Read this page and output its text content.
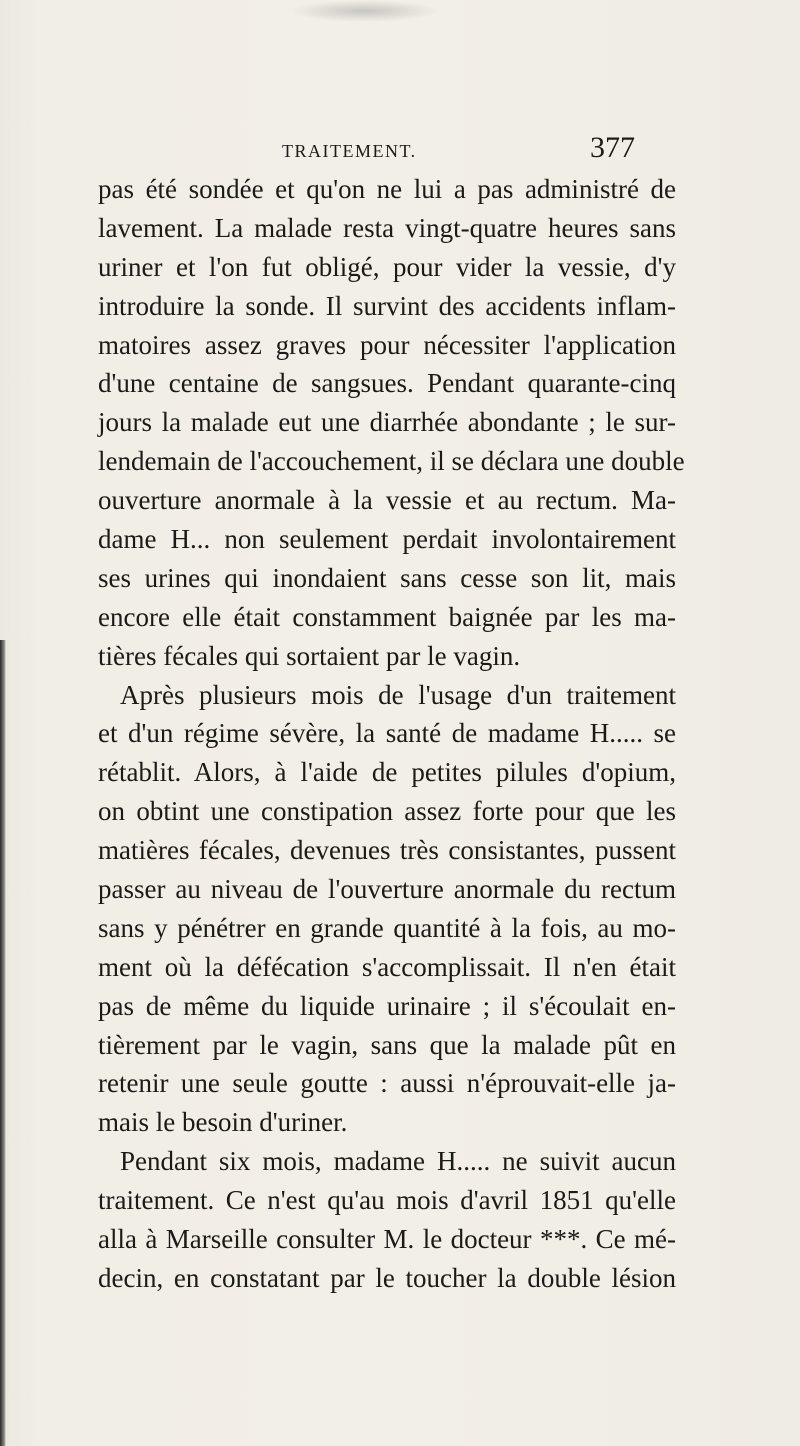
TRAITEMENT.	377
pas été sondée et qu'on ne lui a pas administré de
lavement. La malade resta vingt-quatre heures sans
uriner et l'on fut obligé, pour vider la vessie, d'y
introduire la sonde. Il survint des accidents inflam-
matoires assez graves pour nécessiter l'application
d'une centaine de sangsues. Pendant quarante-cinq
jours la malade eut une diarrhée abondante ; le sur-
lendemain de l'accouchement, il se déclara une double
ouverture anormale à la vessie et au rectum. Ma-
dame H... non seulement perdait involontairement
ses urines qui inondaient sans cesse son lit, mais
encore elle était constamment baignée par les ma-
tières fécales qui sortaient par le vagin.
Après plusieurs mois de l'usage d'un traitement
et d'un régime sévère, la santé de madame H..... se
rétablit. Alors, à l'aide de petites pilules d'opium,
on obtint une constipation assez forte pour que les
matières fécales, devenues très consistantes, pussent
passer au niveau de l'ouverture anormale du rectum
sans y pénétrer en grande quantité à la fois, au mo-
ment où la défécation s'accomplissait. Il n'en était
pas de même du liquide urinaire ; il s'écoulait en-
tièrement par le vagin, sans que la malade pût en
retenir une seule goutte : aussi n'éprouvait-elle ja-
mais le besoin d'uriner.
Pendant six mois, madame H..... ne suivit aucun
traitement. Ce n'est qu'au mois d'avril 1851 qu'elle
alla à Marseille consulter M. le docteur ***. Ce mé-
decin, en constatant par le toucher la double lésion
